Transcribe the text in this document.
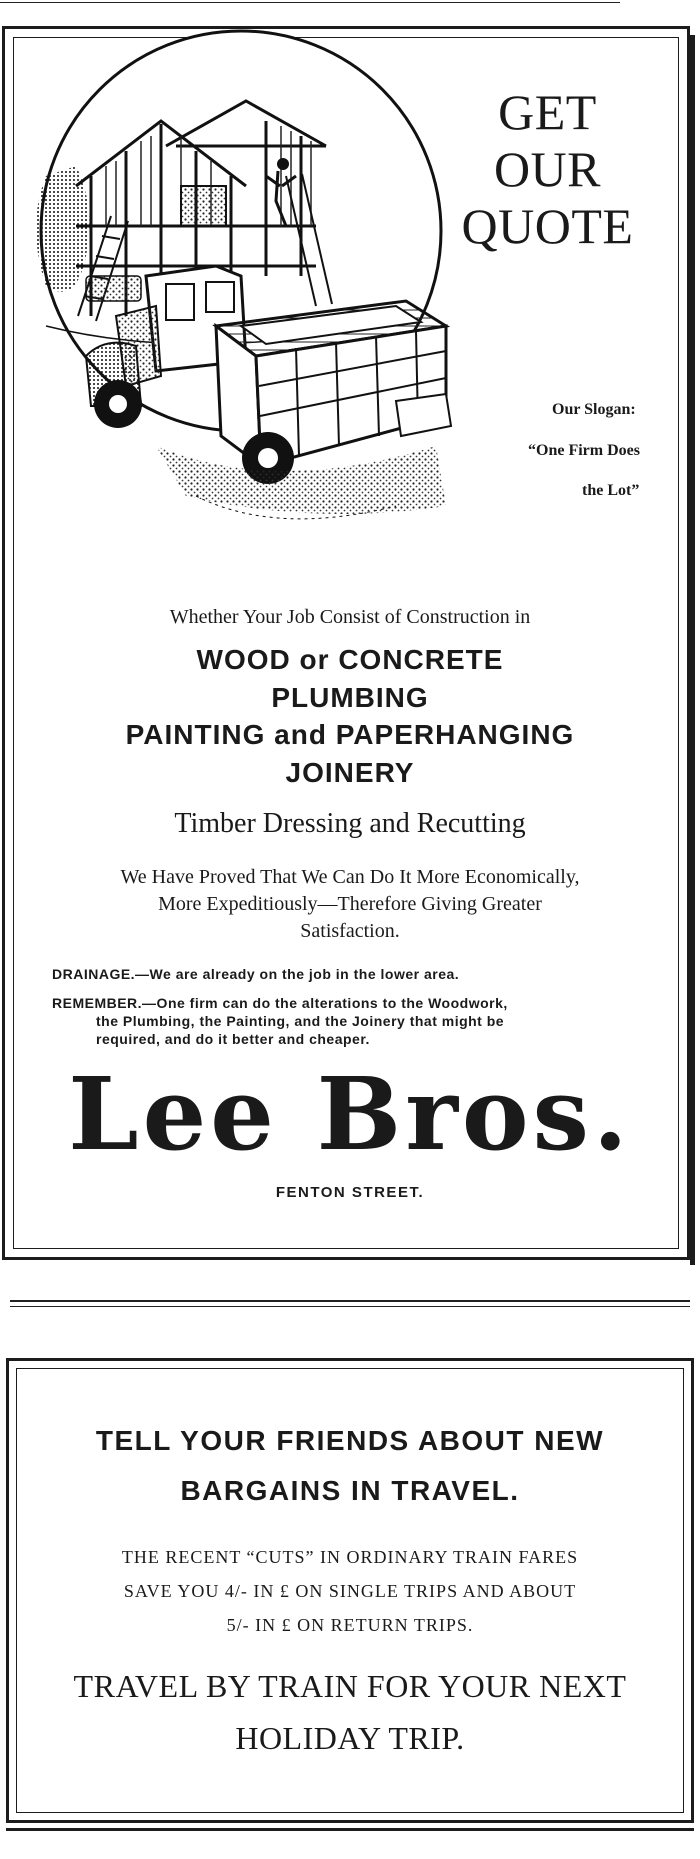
GET
OUR
QUOTE
Our Slogan:
“One Firm Does
the Lot”
Whether Your Job Consist of Construction in
WOOD or CONCRETE
PLUMBING
PAINTING and PAPERHANGING
JOINERY
Timber Dressing and Recutting
We Have Proved That We Can Do It More Economically,
More Expeditiously—Therefore Giving Greater
Satisfaction.
DRAINAGE.—We are already on the job in the lower area.
REMEMBER.—One firm can do the alterations to the Woodwork,
the Plumbing, the Painting, and the Joinery that might be
required, and do it better and cheaper.
Lee Bros.
FENTON STREET.
TELL YOUR FRIENDS ABOUT NEW
BARGAINS IN TRAVEL.
THE RECENT “CUTS” IN ORDINARY TRAIN FARES
SAVE YOU 4/- IN £ ON SINGLE TRIPS AND ABOUT
5/- IN £ ON RETURN TRIPS.
TRAVEL BY TRAIN FOR YOUR NEXT
HOLIDAY TRIP.
